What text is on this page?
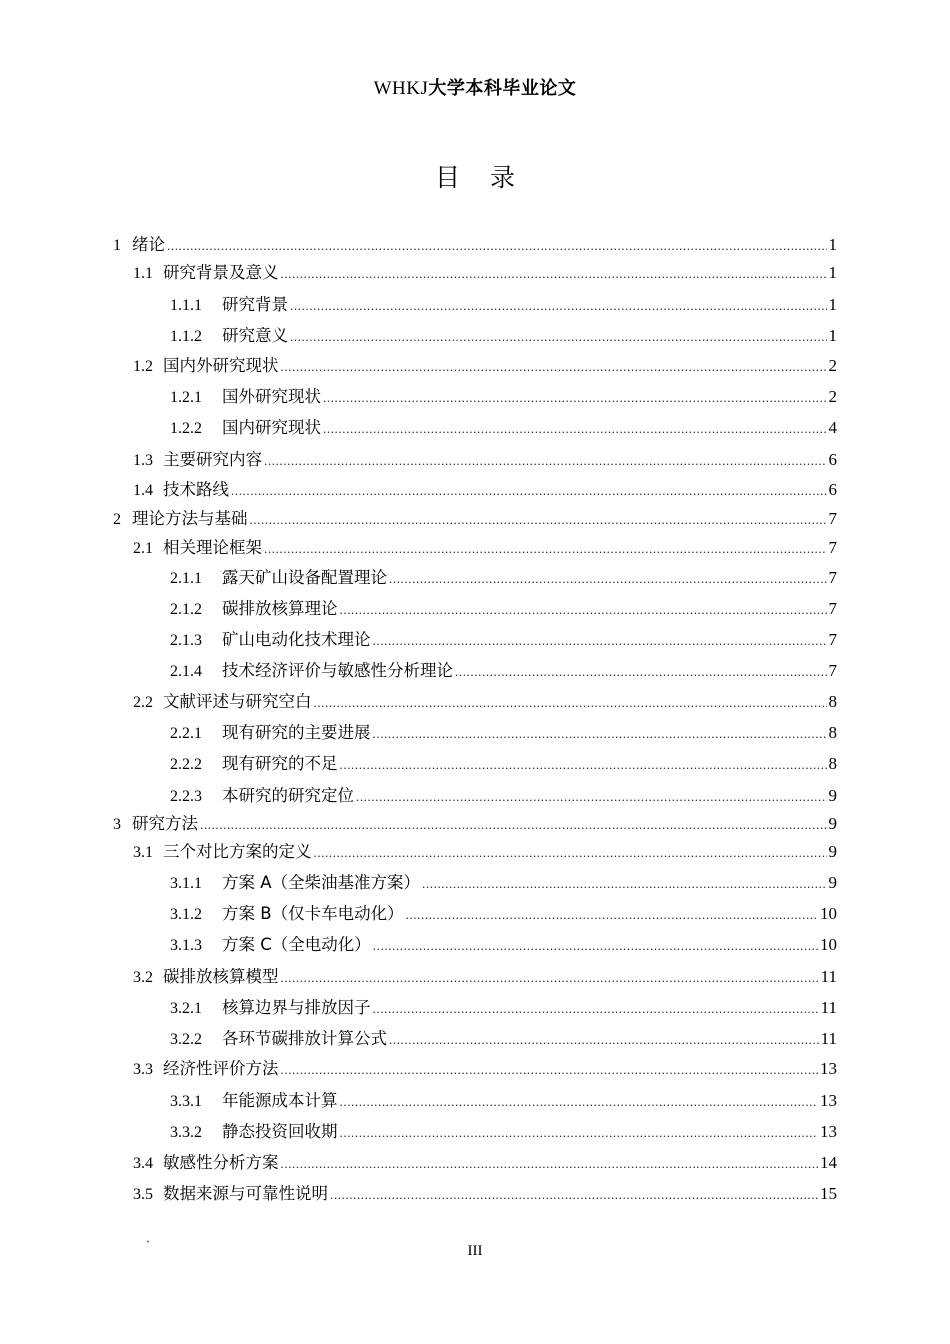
WHKJ大学本科毕业论文
目录
1 绪论 .....	1
1.1 研究背景及意义 .....	1
1.1.1 研究背景 .....	1
1.1.2 研究意义 .....	1
1.2 国内外研究现状 .....	2
1.2.1 国外研究现状 .....	2
1.2.2 国内研究现状 .....	4
1.3 主要研究内容 .....	6
1.4 技术路线 .....	6
2 理论方法与基础 .....	7
2.1 相关理论框架 .....	7
2.1.1 露天矿山设备配置理论 .....	7
2.1.2 碳排放核算理论 .....	7
2.1.3 矿山电动化技术理论 .....	7
2.1.4 技术经济评价与敏感性分析理论 .....	7
2.2 文献评述与研究空白 .....	8
2.2.1 现有研究的主要进展 .....	8
2.2.2 现有研究的不足 .....	8
2.2.3 本研究的研究定位 .....	9
3 研究方法 .....	9
3.1 三个对比方案的定义 .....	9
3.1.1 方案 A（全柴油基准方案） .....	9
3.1.2 方案 B（仅卡车电动化） .....	10
3.1.3 方案 C（全电动化） .....	10
3.2 碳排放核算模型 .....	11
3.2.1 核算边界与排放因子 .....	11
3.2.2 各环节碳排放计算公式 .....	11
3.3 经济性评价方法 .....	13
3.3.1 年能源成本计算 .....	13
3.3.2 静态投资回收期 .....	13
3.4 敏感性分析方案 .....	14
3.5 数据来源与可靠性说明 .....	15
`	III
